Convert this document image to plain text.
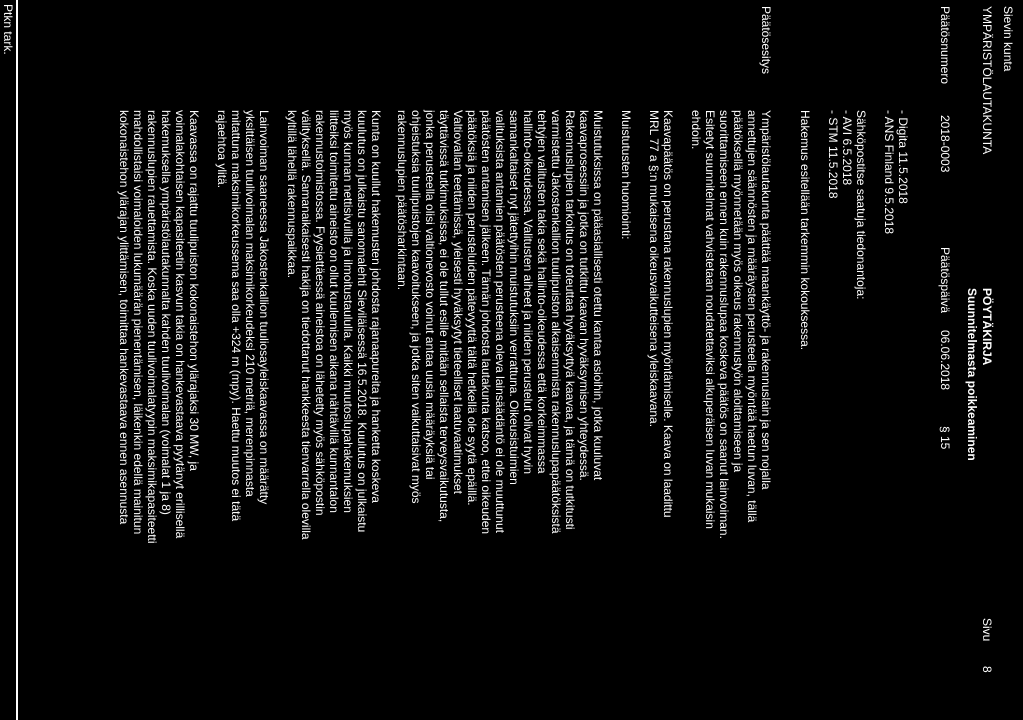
Sievin kunta
YMPÄRISTÖLAUTAKUNTA
PÖYTÄKIRJA
Suunnitelmasta poikkeaminen
Sivu
8
Päätösnumero
2018-0003
Päätöspäivä
06.06.2018
§ 15
- Digita 11.5.2018
- ANS Finland 9.5.2018
Sähköpostitse saatuja tiedonantoja:
- AVI 6.5.2018
- STM 11.5.2018
Hakemus esitellään tarkemmin kokouksessa.
Päätösesitys
Ympäristölautakunta päättää maankäyttö- ja rakennuslain ja sen nojalla
annettujen säännösten ja määräysten perusteella myöntää haetun luvan, tällä
päätöksellä myönnetään myös oikeus rakennustyön aloittamiseen ja
suorittamiseen ennen kuin rakennuslupaa koskeva päätös on saanut lainvoiman.
Esitetyt suunnitelmat vahvistetaan noudatettaviksi alkuperäisen luvan mukaisin
ehdoin.
Kaavapäätös on perustana rakennuslupien myöntämiselle. Kaava on laadittu
MRL 77 a §:n mukaisena oikeusvaikutteisena yleiskaavana.
Muistutusten huomiointi:
Muistutuksissa on pääasiallisesti otettu kantaa asioihin, jotka kuuluvat
kaavaprosessiin ja jotka on tutkittu kaavan hyväksymisen yhteydessä.
Rakennuslupien tarkoitus on toteuttaa hyväksyttyä kaavaa, ja tämä on tutkitusti
varmistettu Jakostenkallion tuulipuiston alkaisemmista rakennuslupapäätöksistä
tehtyjen valitusten takia sekä hallinto-oikeudessa että korkeimmassa
hallinto-oikeudessa. Valitusten aiheet ja niiden perustelut olivat hyvin
samankaltaiset nyt jätettyihin muistutuksiin verrattuna. Oikeusistuimien
valituksista antamien päätösten perusteena oleva lainsäädäntö ei ole muuttunut
päätösten antamisen jälkeen. Tämän johdosta lautakunta katsoo, ettei oikeuden
päätöksiä ja niiden perusteluiden pätevyyttä tältä hetkellä ole syytä epäillä.
Valtiovallan teettämissä, yleisesti hyväksytyt tieteelliset laatuvaatimukset
täyttävissä tutkimuksissa, ei ole tullut esille mitään sellaista terveysvaikutusta,
jonka perusteella olisi valtionevosto voinut antaa uusia määräyksiä tai
ohjeistuksia tuulipuistojen kaavoitukseen, ja jotka siten vaikuttaisivat myös
rakennuslupien päätösharkintaan.
Kunta on kuullut hakemusten johdosta rajanaapureita ja hanketta koskeva
kuulutus on julkaistu sanomalehti Sieviläisessä 16.5.2018. Kuulutus on julkaistu
myös kunnan nettisivuilla ja ilmoitustaululla. Kaikki muutoslupahakemuksien
liitteiksi toimitettu aineisto on ollut kuulemisen aikana nähtävillä kunnantalon
rakennustoimistossa. Fyysiettäessä aineistoa on lähetetty myös sähköpostin
välityksellä. Samanaikaisesti hakija on tiedottanut hankkeesta tienvarrella olevilla
kyltillä lähellä rakennuspaikkaa.
Lainvoiman saaneessa Jakostenkallion tuuliosayleiskaavassa on määrätty
yksittäisen tuulivoimalan maksimikorkeudeksi 210 metriä, merenpinnasta
mitattuna maksimikorkeussema saa olla +324 m (mpy). Haettu muutos ei tätä
rajaehtoa ylitä.
Kaavassa on rajattu tuulipuiston kokonaistehon ylärajaksi 30 MW, ja
voimalakohtaisen kapasiteetin kasvun takia on hankevastaava pyytänyt erillisellä
hakemuksella ympäristölautakunnalta kahden tuulivoimalan (voimalat 1 ja 8)
rakennuslupien rauettamista. Koska uuden tuulivoimalatyypin maksimikapasiteetti
mahdollistaisi voimaloiden lukumäärän pienentämisen, läikenkin edellä mainitun
kokonaistehon ylärajan ylittämisen, toimittaa hankevastaava ennen asennusta
Ptkn tark.
